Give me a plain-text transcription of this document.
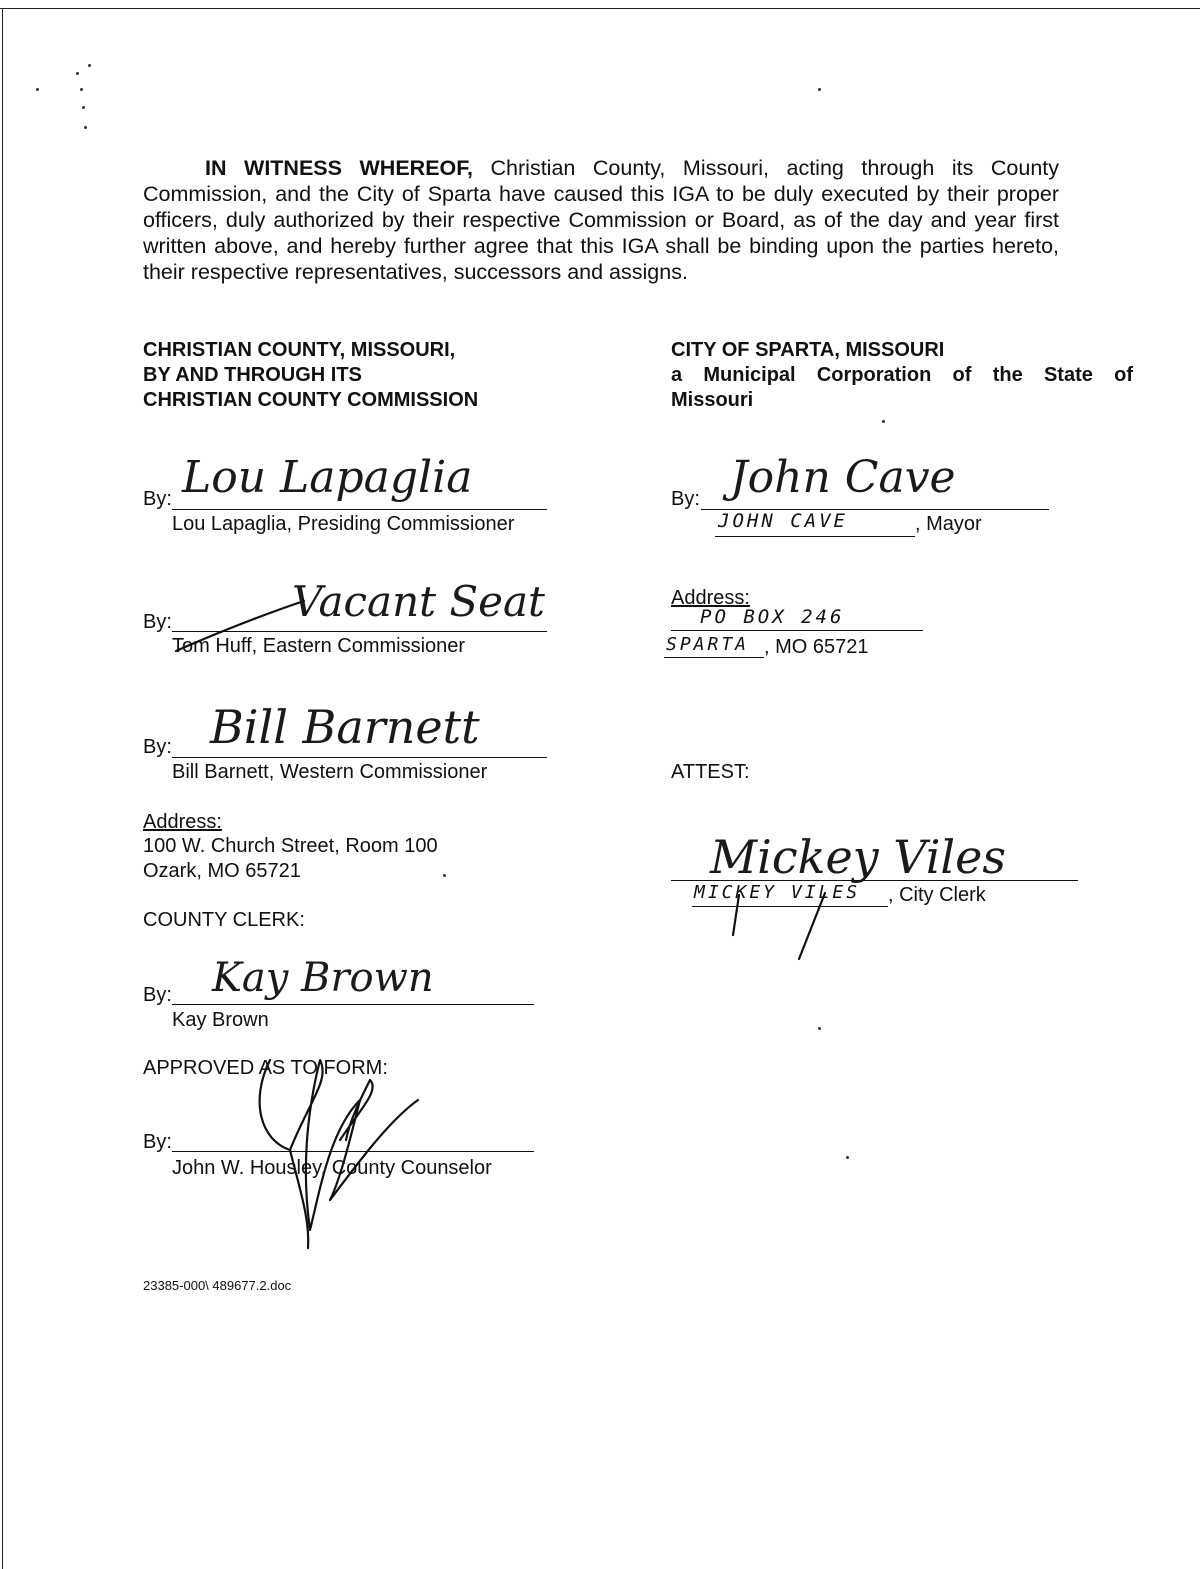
IN WITNESS WHEREOF, Christian County, Missouri, acting through its County Commission, and the City of Sparta have caused this IGA to be duly executed by their proper officers, duly authorized by their respective Commission or Board, as of the day and year first written above, and hereby further agree that this IGA shall be binding upon the parties hereto, their respective representatives, successors and assigns.
CHRISTIAN COUNTY, MISSOURI,
BY AND THROUGH ITS
CHRISTIAN COUNTY COMMISSION
By: Lou Lapaglia
Lou Lapaglia, Presiding Commissioner
By:	Vacant Seat
Tom Huff, Eastern Commissioner
By: Bill Barnett
Bill Barnett, Western Commissioner
Address:
100 W. Church Street, Room 100
Ozark, MO 65721
COUNTY CLERK:
By: Kay Brown
Kay Brown
APPROVED AS TO FORM:
By:
John W. Housley, County Counselor
CITY OF SPARTA, MISSOURI
a Municipal Corporation of the State of
Missouri
By: John Cave
JOHN CAVE	, Mayor
Address:
PO BOX 246
SPARTA , MO 65721
ATTEST:
Mickey Viles
MICKEY VILES , City Clerk
23385-000\ 489677.2.doc
